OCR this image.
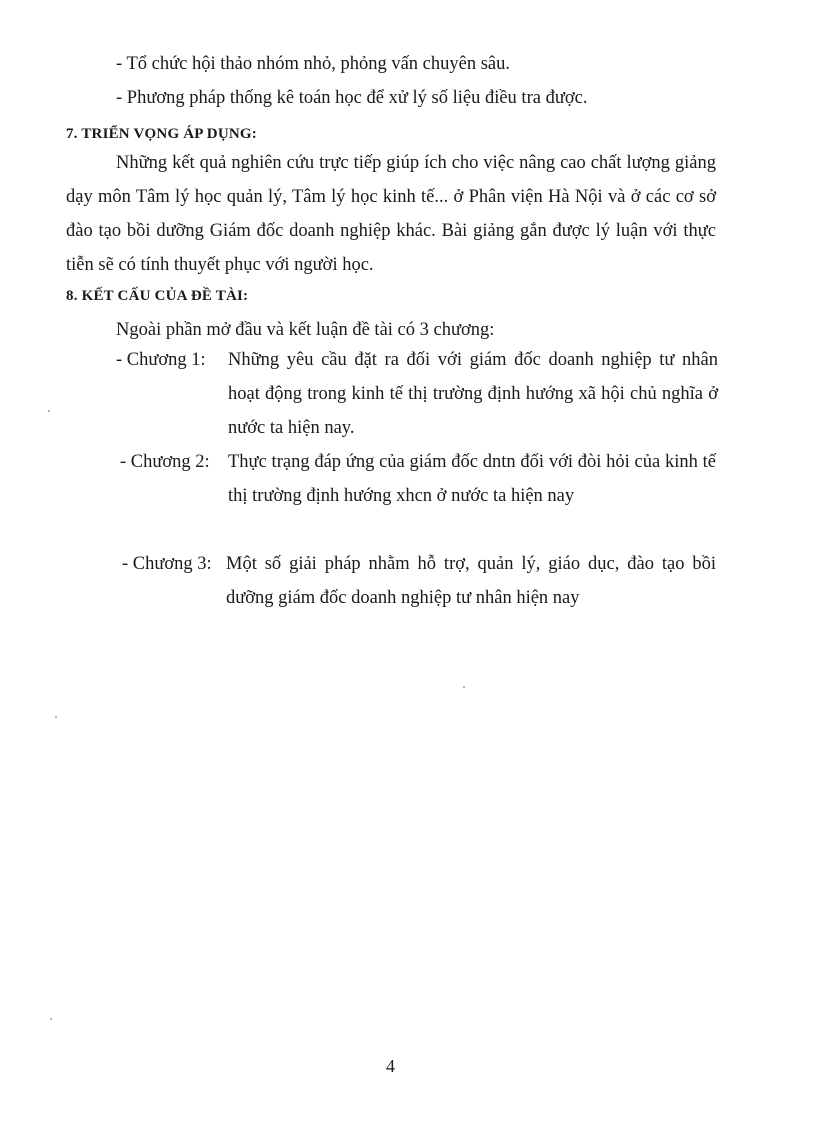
- Tổ chức hội thảo nhóm nhỏ, phỏng vấn chuyên sâu.
- Phương pháp thống kê toán học để xử lý số liệu điều tra được.
7. TRIỂN VỌNG ÁP DỤNG:
Những kết quả nghiên cứu trực tiếp giúp ích cho việc nâng cao chất lượng giảng dạy môn Tâm lý học quản lý, Tâm lý học kinh tế... ở Phân viện Hà Nội và ở các cơ sở đào tạo bồi dưỡng Giám đốc doanh nghiệp khác. Bài giảng gắn được lý luận với thực tiễn sẽ có tính thuyết phục với người học.
8. KẾT CẤU CỦA ĐỀ TÀI:
Ngoài phần mở đầu và kết luận đề tài có 3 chương:
- Chương 1: Những yêu cầu đặt ra đối với giám đốc doanh nghiệp tư nhân hoạt động trong kinh tế thị trường định hướng xã hội chủ nghĩa ở nước ta hiện nay.
- Chương 2: Thực trạng đáp ứng của giám đốc dntn đối với đòi hỏi của kinh tế thị trường định hướng xhcn ở nước ta hiện nay
- Chương 3: Một số giải pháp nhằm hỗ trợ, quản lý, giáo dục, đào tạo bồi dưỡng giám đốc doanh nghiệp tư nhân hiện nay
4
